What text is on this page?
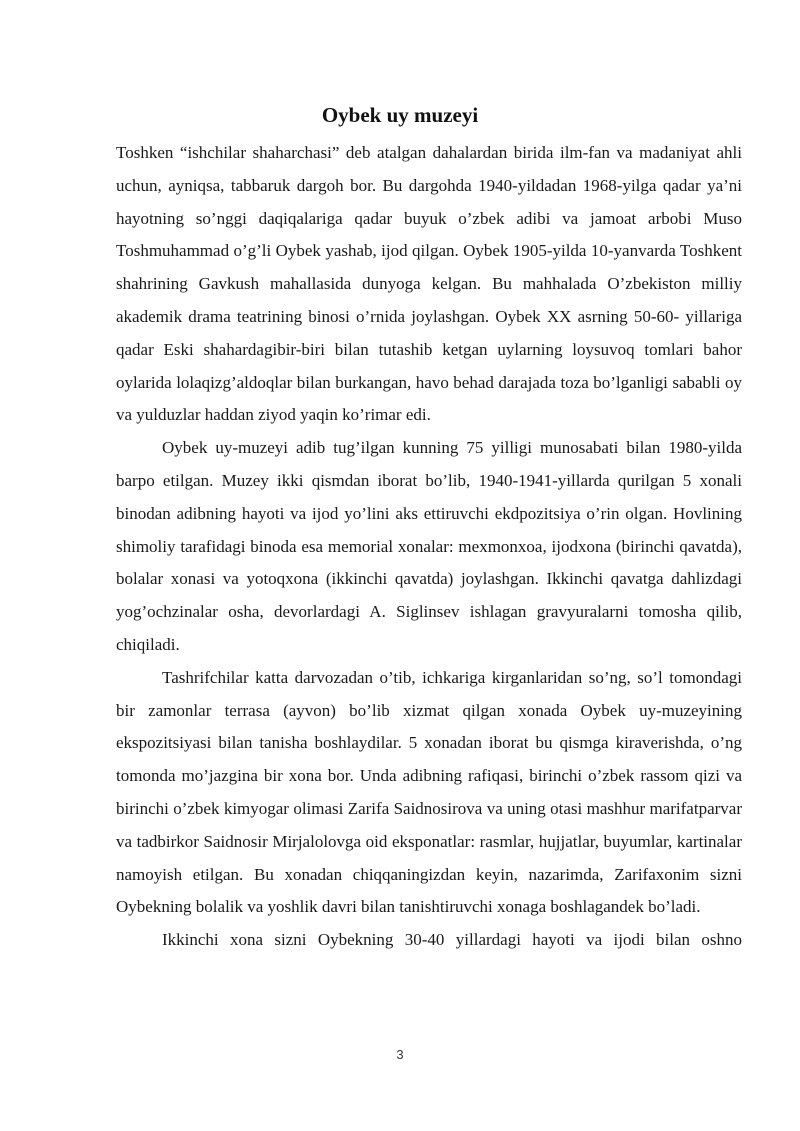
Oybek uy muzeyi

Toshken “ishchilar shaharchasi” deb atalgan dahalardan birida ilm-fan va madaniyat ahli uchun, ayniqsa, tabbaruk dargoh bor. Bu dargohda 1940-yildadan 1968-yilga qadar ya’ni hayotning so’nggi daqiqalariga qadar buyuk o’zbek adibi va jamoat arbobi Muso Toshmuhammad o’g’li Oybek yashab, ijod qilgan. Oybek 1905-yilda 10-yanvarda Toshkent shahrining Gavkush mahallasida dunyoga kelgan. Bu mahhalada O’zbekiston milliy akademik drama teatrining binosi o’rnida joylashgan. Oybek XX asrning 50-60- yillariga qadar Eski shahardagibir-biri bilan tutashib ketgan uylarning loysuvoq tomlari bahor oylarida lolaqizg’aldoqlar bilan burkangan, havo behad darajada toza bo’lganligi sababli oy va yulduzlar haddan ziyod yaqin ko’rimar edi.

Oybek uy-muzeyi adib tug’ilgan kunning 75 yilligi munosabati bilan 1980-yilda barpo etilgan. Muzey ikki qismdan iborat bo’lib, 1940-1941-yillarda qurilgan 5 xonali binodan adibning hayoti va ijod yo’lini aks ettiruvchi ekdpozitsiya o’rin olgan. Hovlining shimoliy tarafidagi binoda esa memorial xonalar: mexmonxoa, ijodxona (birinchi qavatda), bolalar xonasi va yotoqxona (ikkinchi qavatda) joylashgan. Ikkinchi qavatga dahlizdagi yog’ochzinalar osha, devorlardagi A. Siglinsev ishlagan gravyuralarni tomosha qilib, chiqiladi.

Tashrifchilar katta darvozadan o’tib, ichkariga kirganlaridan so’ng, so’l tomondagi bir zamonlar terrasa (ayvon) bo’lib xizmat qilgan xonada Oybek uy-muzeyining ekspozitsiyasi bilan tanisha boshlaydilar. 5 xonadan iborat bu qismga kiraverishda, o’ng tomonda mo’jazgina bir xona bor. Unda adibning rafiqasi, birinchi o’zbek rassom qizi va birinchi o’zbek kimyogar olimasi Zarifa Saidnosirova va uning otasi mashhur marifatparvar va tadbirkor Saidnosir Mirjalolovga oid eksponatlar: rasmlar, hujjatlar, buyumlar, kartinalar namoyish etilgan. Bu xonadan chiqqaningizdan keyin, nazarimda, Zarifaxonim sizni Oybekning bolalik va yoshlik davri bilan tanishtiruvchi xonaga boshlagandek bo’ladi.

Ikkinchi xona sizni Oybekning 30-40 yillardagi hayoti va ijodi bilan oshno

3
